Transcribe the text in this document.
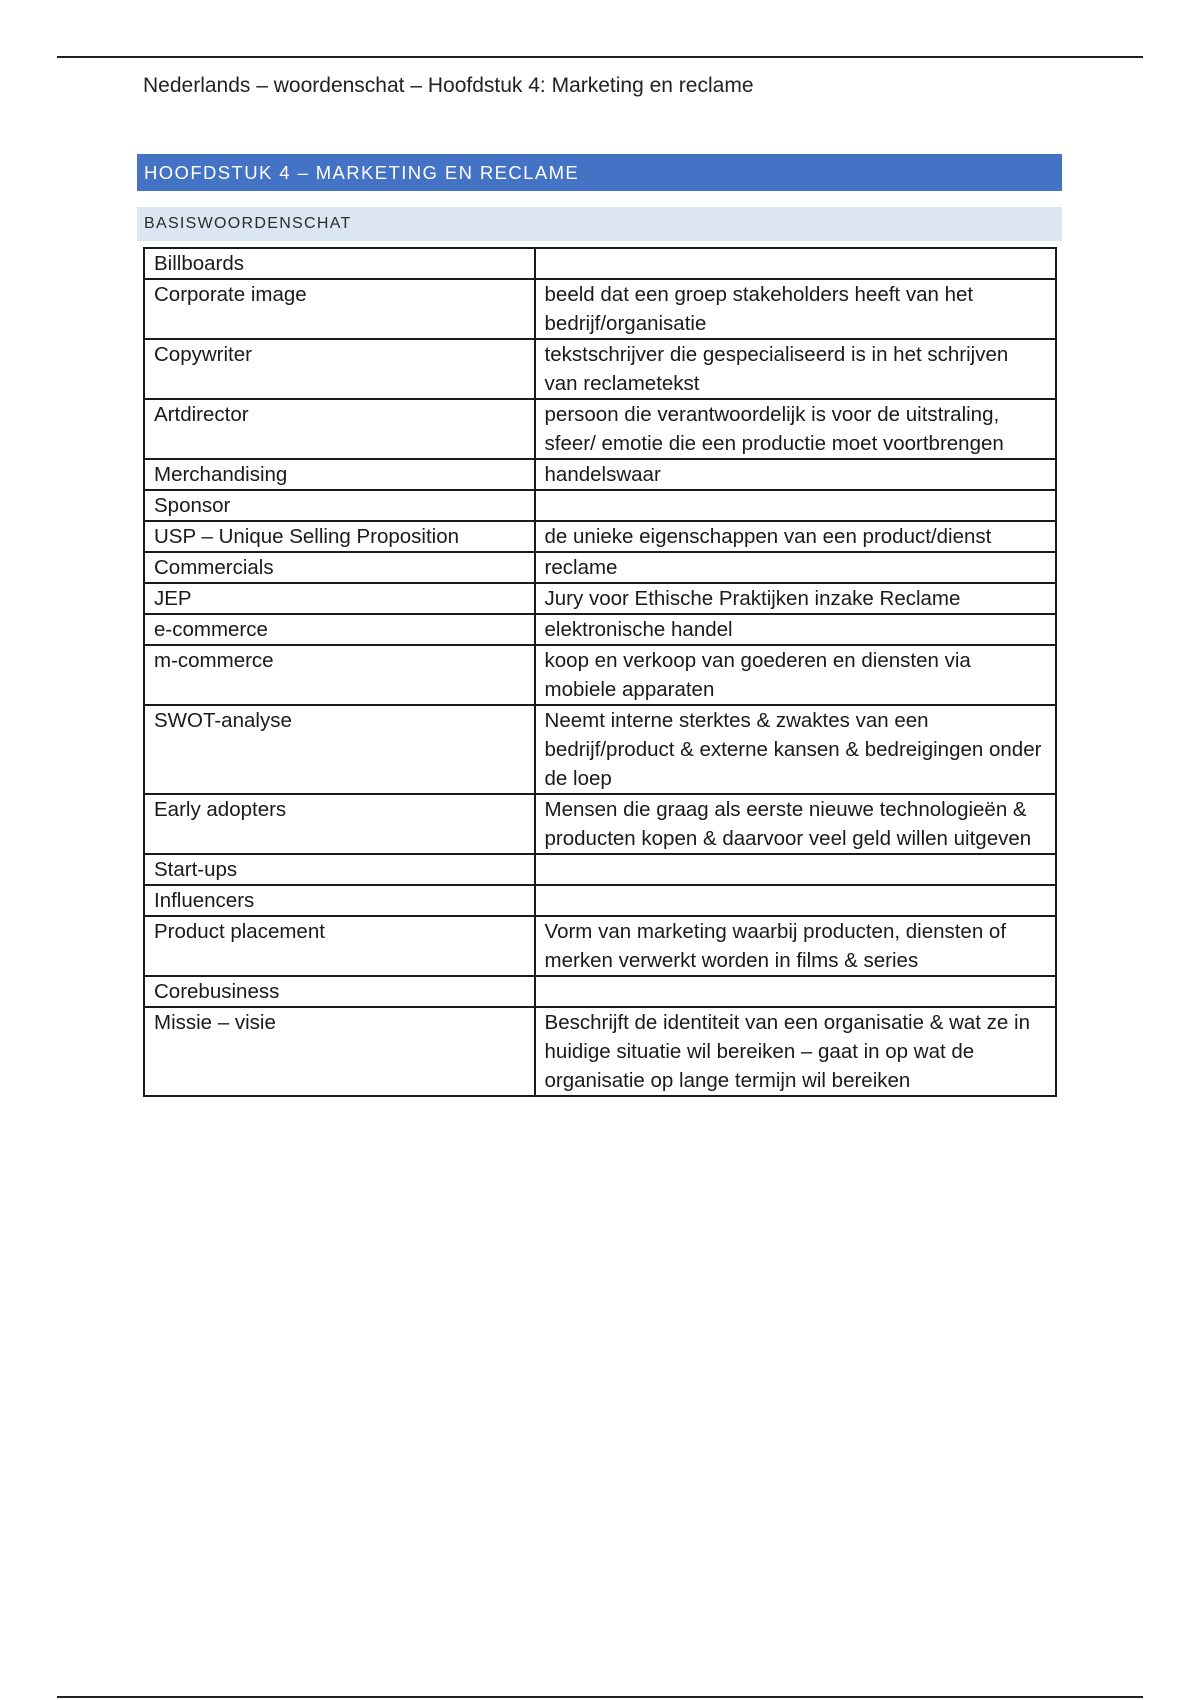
Nederlands – woordenschat – Hoofdstuk 4: Marketing en reclame
HOOFDSTUK 4 – MARKETING EN RECLAME
BASISWOORDENSCHAT
Billboards	
Corporate image	beeld dat een groep stakeholders heeft van het bedrijf/organisatie
Copywriter	tekstschrijver die gespecialiseerd is in het schrijven van reclametekst
Artdirector	persoon die verantwoordelijk is voor de uitstraling, sfeer/ emotie die een productie moet voortbrengen
Merchandising	handelswaar
Sponsor	
USP – Unique Selling Proposition	de unieke eigenschappen van een product/dienst
Commercials	reclame
JEP	Jury voor Ethische Praktijken inzake Reclame
e-commerce	elektronische handel
m-commerce	koop en verkoop van goederen en diensten via mobiele apparaten
SWOT-analyse	Neemt interne sterktes & zwaktes van een bedrijf/product & externe kansen & bedreigingen onder de loep
Early adopters	Mensen die graag als eerste nieuwe technologieën & producten kopen & daarvoor veel geld willen uitgeven
Start-ups	
Influencers	
Product placement	Vorm van marketing waarbij producten, diensten of merken verwerkt worden in films & series
Corebusiness	
Missie – visie	Beschrijft de identiteit van een organisatie & wat ze in huidige situatie wil bereiken – gaat in op wat de organisatie op lange termijn wil bereiken
